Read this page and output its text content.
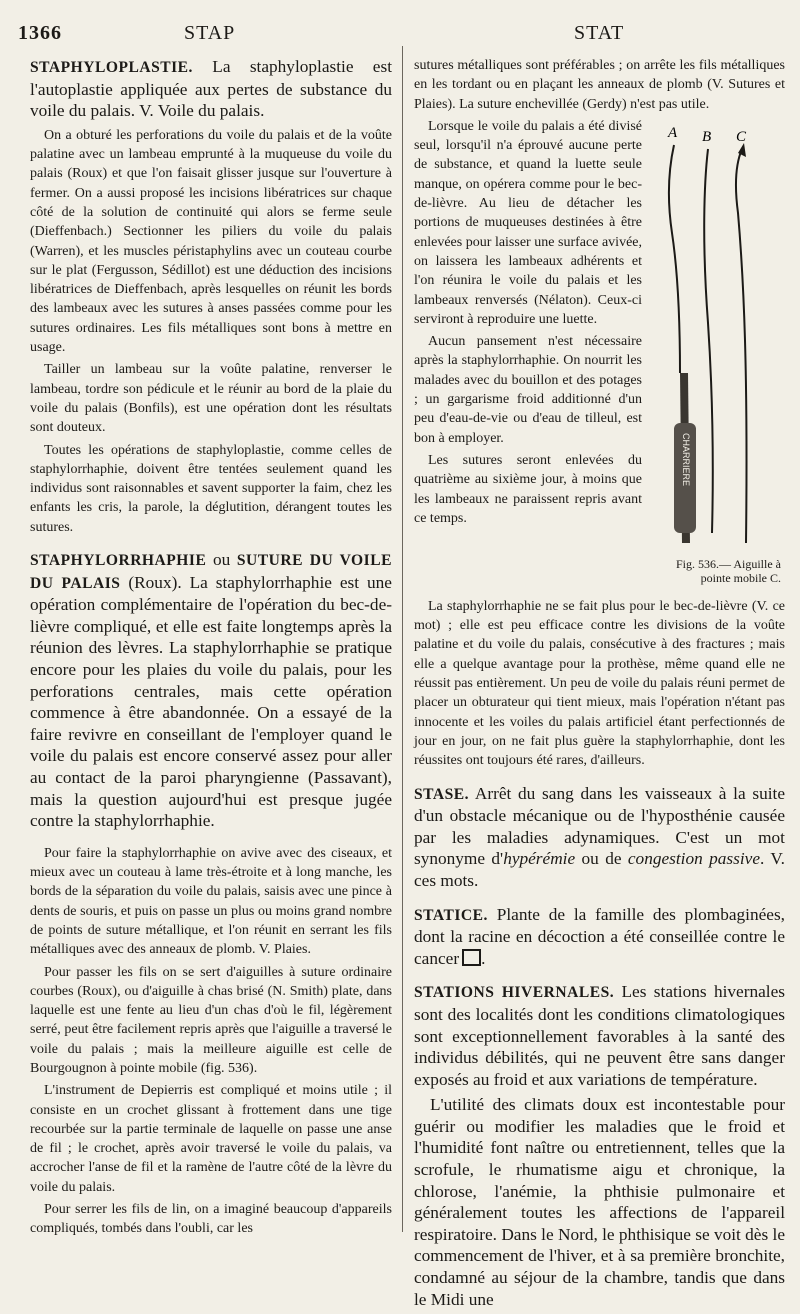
1366	STAP	STAT

STAPHYLOPLASTIE. La staphyloplastie est l'autoplastie appliquée aux pertes de substance du voile du palais. V. Voile du palais.

On a obturé les perforations du voile du palais et de la voûte palatine avec un lambeau emprunté à la muqueuse du voile du palais (Roux) et que l'on faisait glisser jusque sur l'ouverture à fermer. On a aussi proposé les incisions libératrices sur chaque côté de la solution de continuité qui alors se ferme seule (Dieffenbach.) Sectionner les piliers du voile du palais (Warren), et les muscles péristaphylins avec un couteau courbe sur le plat (Fergusson, Sédillot) est une déduction des incisions libératrices de Dieffenbach, après lesquelles on réunit les bords des lambeaux avec les sutures à anses passées comme pour les sutures ordinaires. Les fils métalliques sont bons à mettre en usage.

Tailler un lambeau sur la voûte palatine, renverser le lambeau, tordre son pédicule et le réunir au bord de la plaie du voile du palais (Bonfils), est une opération dont les résultats sont douteux.

Toutes les opérations de staphyloplastie, comme celles de staphylorrhaphie, doivent être tentées seulement quand les individus sont raisonnables et savent supporter la faim, chez les enfants les cris, la parole, la déglutition, dérangent toutes les sutures.

STAPHYLORRHAPHIE ou SUTURE DU VOILE DU PALAIS (Roux). La staphylorrhaphie est une opération complémentaire de l'opération du bec-de-lièvre compliqué, et elle est faite longtemps après la réunion des lèvres. La staphylorrhaphie se pratique encore pour les plaies du voile du palais, pour les perforations centrales, mais cette opération commence à être abandonnée. On a essayé de la faire revivre en conseillant de l'employer quand le voile du palais est encore conservé assez pour aller au contact de la paroi pharyngienne (Passavant), mais la question aujourd'hui est presque jugée contre la staphylorrhaphie.

Pour faire la staphylorrhaphie on avive avec des ciseaux, et mieux avec un couteau à lame très-étroite et à long manche, les bords de la séparation du voile du palais, saisis avec une pince à dents de souris, et puis on passe un plus ou moins grand nombre de points de suture métallique, et l'on réunit en serrant les fils métalliques avec des anneaux de plomb. V. Plaies.

Pour passer les fils on se sert d'aiguilles à suture ordinaire courbes (Roux), ou d'aiguille à chas brisé (N. Smith) plate, dans laquelle est une fente au lieu d'un chas d'où le fil, légèrement serré, peut être facilement repris après que l'aiguille a traversé le voile du palais ; mais la meilleure aiguille est celle de Bourgougnon à pointe mobile (fig. 536).

L'instrument de Depierris est compliqué et moins utile ; il consiste en un crochet glissant à frottement dans une tige recourbée sur la partie terminale de laquelle on passe une anse de fil ; le crochet, après avoir traversé le voile du palais, va accrocher l'anse de fil et la ramène de l'autre côté de la lèvre du voile du palais.

Pour serrer les fils de lin, on a imaginé beaucoup d'appareils compliqués, tombés dans l'oubli, car les

sutures métalliques sont préférables ; on arrête les fils métalliques en les tordant ou en plaçant les anneaux de plomb (V. Sutures et Plaies). La suture enchevillée (Gerdy) n'est pas utile.

A B C
CHARRIERE
Fig. 536.— Aiguille à pointe mobile C.

Lorsque le voile du palais a été divisé seul, lorsqu'il n'a éprouvé aucune perte de substance, et quand la luette seule manque, on opérera comme pour le bec-de-lièvre. Au lieu de détacher les portions de muqueuses destinées à être enlevées pour laisser une surface avivée, on laissera les lambeaux adhérents et l'on réunira le voile du palais et les lambeaux renversés (Nélaton). Ceux-ci serviront à reproduire une luette.

Aucun pansement n'est nécessaire après la staphylorrhaphie. On nourrit les malades avec du bouillon et des potages ; un gargarisme froid additionné d'un peu d'eau-de-vie ou d'eau de tilleul, est bon à employer.

Les sutures seront enlevées du quatrième au sixième jour, à moins que les lambeaux ne paraissent repris avant ce temps.

La staphylorrhaphie ne se fait plus pour le bec-de-lièvre (V. ce mot) ; elle est peu efficace contre les divisions de la voûte palatine et du voile du palais, consécutive à des fractures ; mais elle a quelque avantage pour la prothèse, même quand elle ne réussit pas entièrement. Un peu de voile du palais réuni permet de placer un obturateur qui tient mieux, mais l'opération n'étant pas innocente et les voiles du palais artificiel étant perfectionnés de jour en jour, on ne fait plus guère la staphylorrhaphie, dont les réussites ont toujours été rares, d'ailleurs.

STASE. Arrêt du sang dans les vaisseaux à la suite d'un obstacle mécanique ou de l'hyposthénie causée par les maladies adynamiques. C'est un mot synonyme d'hypérémie ou de congestion passive. V. ces mots.

STATICE. Plante de la famille des plombaginées, dont la racine en décoction a été conseillée contre le cancer .

STATIONS HIVERNALES. Les stations hivernales sont des localités dont les conditions climatologiques sont exceptionnellement favorables à la santé des individus débilités, qui ne peuvent être sans danger exposés au froid et aux variations de température.

L'utilité des climats doux est incontestable pour guérir ou modifier les maladies que le froid et l'humidité font naître ou entretiennent, telles que la scrofule, le rhumatisme aigu et chronique, la chlorose, l'anémie, la phthisie pulmonaire et généralement toutes les affections de l'appareil respiratoire. Dans le Nord, le phthisique se voit dès le commencement de l'hiver, et à sa première bronchite, condamné au séjour de la chambre, tandis que dans le Midi une
